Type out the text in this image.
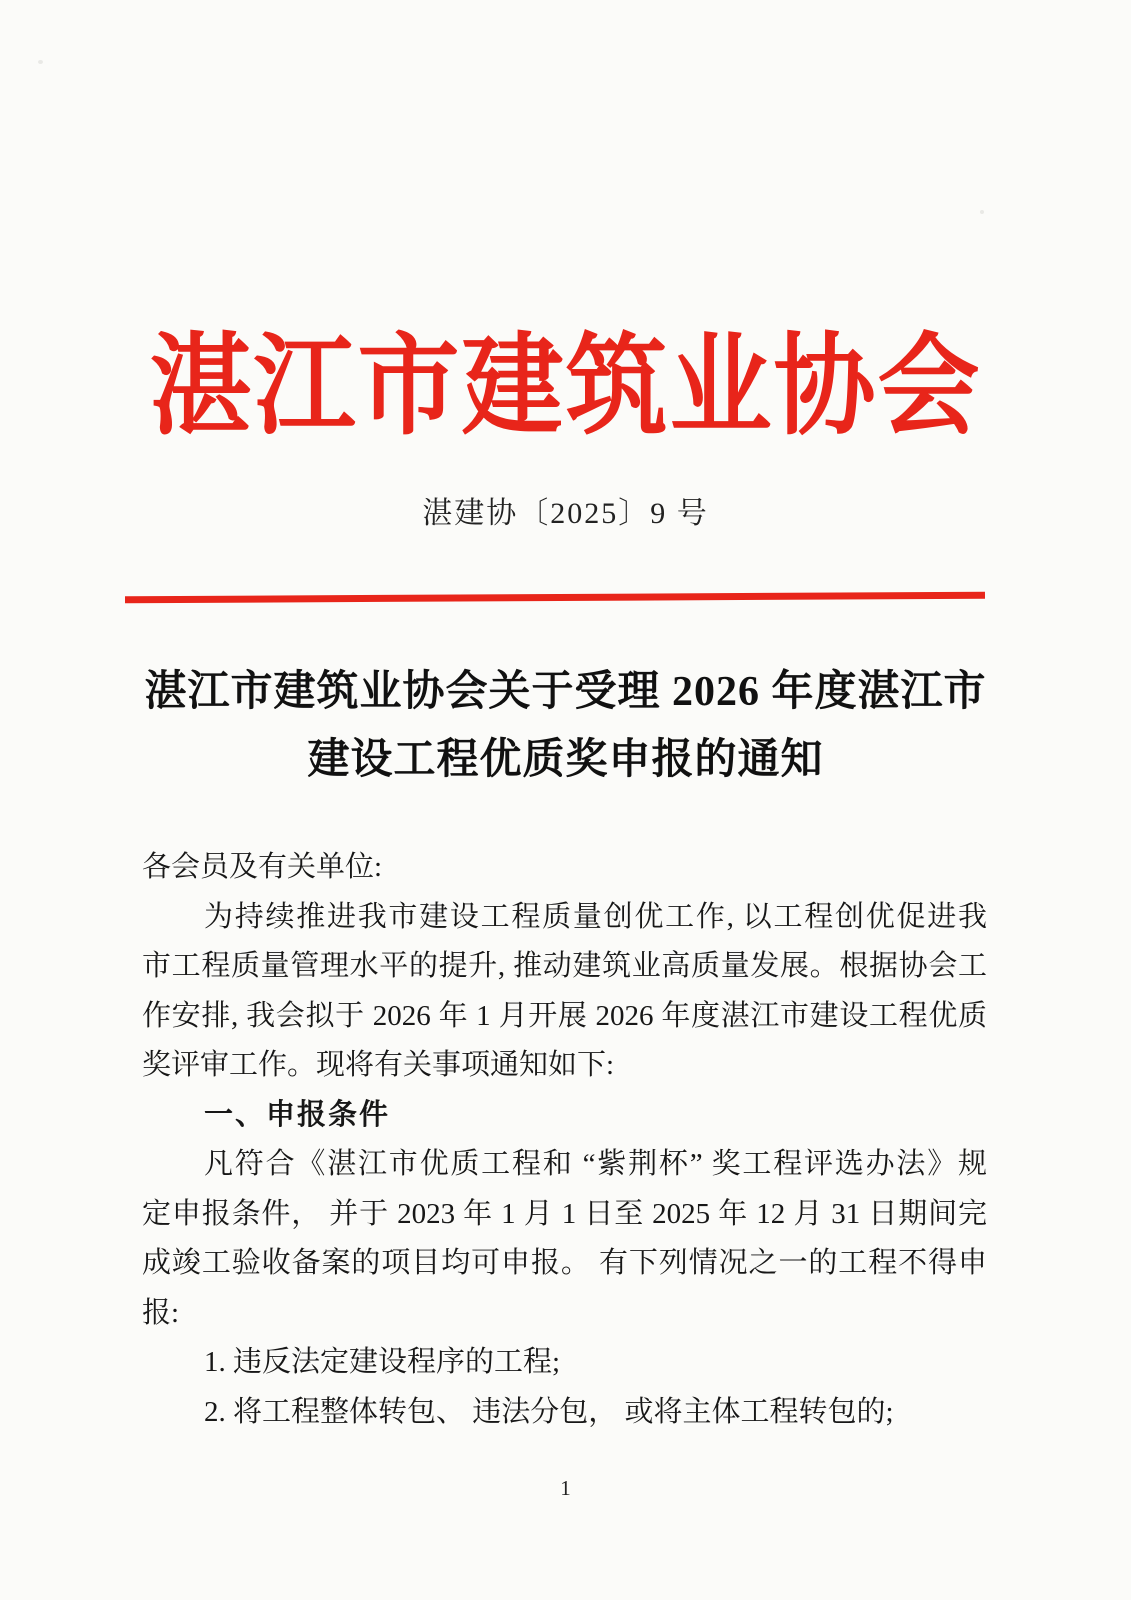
湛江市建筑业协会
湛建协〔2025〕9 号
湛江市建筑业协会关于受理 2026 年度湛江市
建设工程优质奖申报的通知
各会员及有关单位:
为持续推进我市建设工程质量创优工作, 以工程创优促进我
市工程质量管理水平的提升, 推动建筑业高质量发展。根据协会工
作安排, 我会拟于 2026 年 1 月开展 2026 年度湛江市建设工程优质
奖评审工作。现将有关事项通知如下:
一、申报条件
凡符合《湛江市优质工程和 “紫荆杯” 奖工程评选办法》规
定申报条件， 并于 2023 年 1 月 1 日至 2025 年 12 月 31 日期间完
成竣工验收备案的项目均可申报。 有下列情况之一的工程不得申
报:
1. 违反法定建设程序的工程;
2. 将工程整体转包、 违法分包， 或将主体工程转包的;
1
